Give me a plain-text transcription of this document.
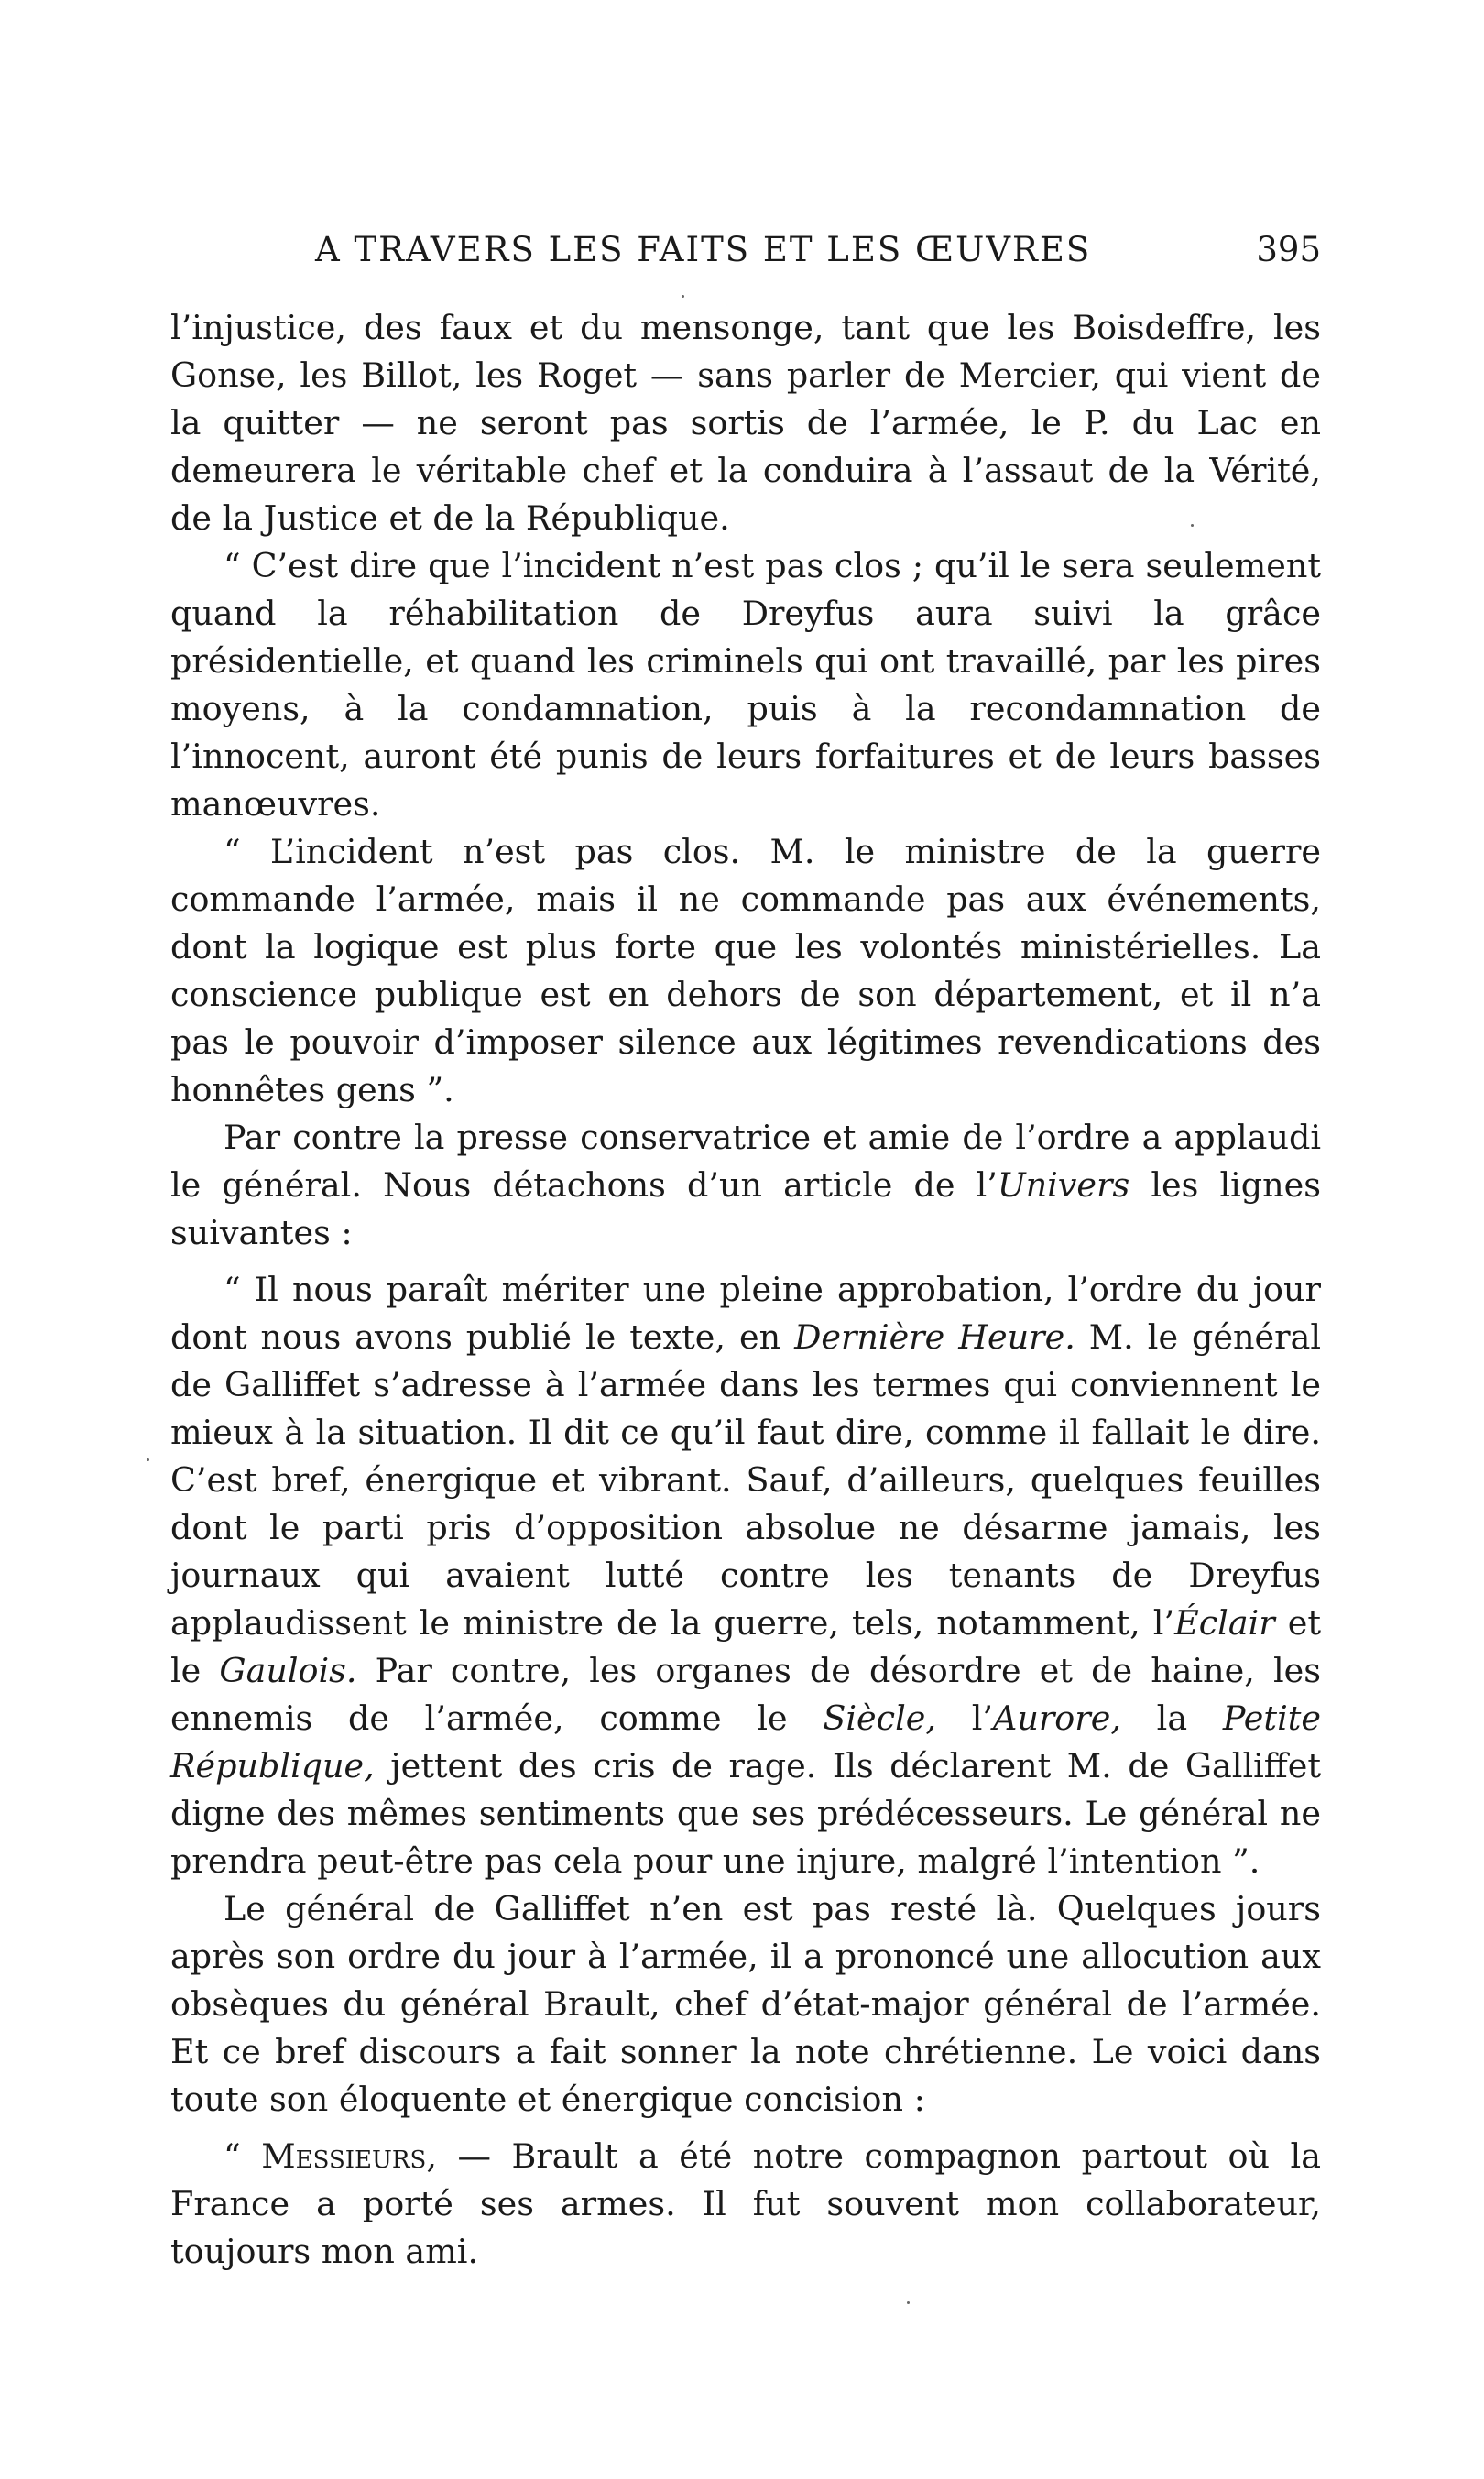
A TRAVERS LES FAITS ET LES ŒUVRES	395

l’injustice, des faux et du mensonge, tant que les Boisdeffre, les Gonse, les Billot, les Roget — sans parler de Mercier, qui vient de la quitter — ne seront pas sortis de l’armée, le P. du Lac en demeurera le véritable chef et la conduira à l’assaut de la Vérité, de la Justice et de la République.

“ C’est dire que l’incident n’est pas clos ; qu’il le sera seulement quand la réhabilitation de Dreyfus aura suivi la grâce présidentielle, et quand les criminels qui ont travaillé, par les pires moyens, à la condamnation, puis à la recondamnation de l’innocent, auront été punis de leurs forfaitures et de leurs basses manœuvres.

“ L’incident n’est pas clos. M. le ministre de la guerre commande l’armée, mais il ne commande pas aux événements, dont la logique est plus forte que les volontés ministérielles. La conscience publique est en dehors de son département, et il n’a pas le pouvoir d’imposer silence aux légitimes revendications des honnêtes gens ”.

Par contre la presse conservatrice et amie de l’ordre a applaudi le général. Nous détachons d’un article de l’Univers les lignes suivantes :

“ Il nous paraît mériter une pleine approbation, l’ordre du jour dont nous avons publié le texte, en Dernière Heure. M. le général de Galliffet s’adresse à l’armée dans les termes qui conviennent le mieux à la situation. Il dit ce qu’il faut dire, comme il fallait le dire. C’est bref, énergique et vibrant. Sauf, d’ailleurs, quelques feuilles dont le parti pris d’opposition absolue ne désarme jamais, les journaux qui avaient lutté contre les tenants de Dreyfus applaudissent le ministre de la guerre, tels, notamment, l’Éclair et le Gaulois. Par contre, les organes de désordre et de haine, les ennemis de l’armée, comme le Siècle, l’Aurore, la Petite République, jettent des cris de rage. Ils déclarent M. de Galliffet digne des mêmes sentiments que ses prédécesseurs. Le général ne prendra peut-être pas cela pour une injure, malgré l’intention ”.

Le général de Galliffet n’en est pas resté là. Quelques jours après son ordre du jour à l’armée, il a prononcé une allocution aux obsèques du général Brault, chef d’état-major général de l’armée. Et ce bref discours a fait sonner la note chrétienne. Le voici dans toute son éloquente et énergique concision :

“ Messieurs, — Brault a été notre compagnon partout où la France a porté ses armes. Il fut souvent mon collaborateur, toujours mon ami.
